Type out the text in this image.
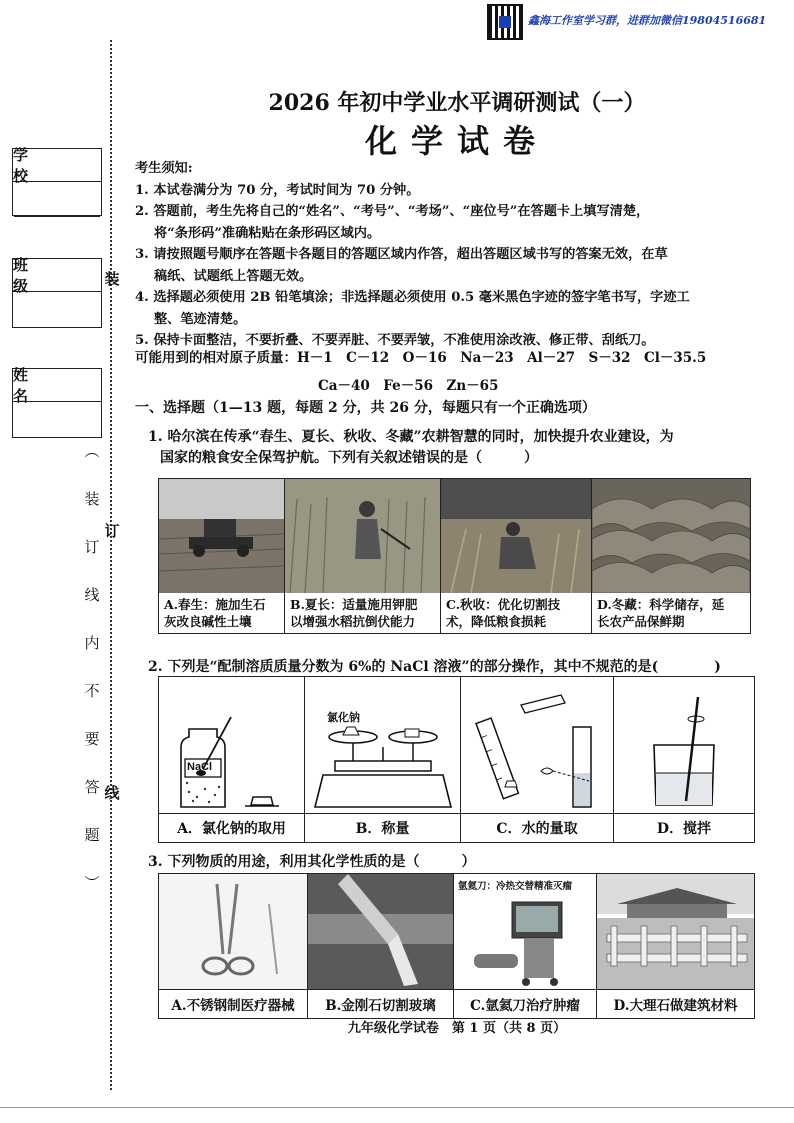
鑫海工作室学习群，进群加微信19804516681
学 校
班 级
姓 名
装
订
线
︵
装
订
线
内
不
要
答
题
︶
2026 年初中学业水平调研测试（一）
化学试卷

考生须知:

1. 本试卷满分为 70 分，考试时间为 70 分钟。

2. 答题前，考生先将自己的“姓名”、“考号”、“考场”、“座位号”在答题卡上填写清楚，

将“条形码”准确粘贴在条形码区域内。

3. 请按照题号顺序在答题卡各题目的答题区域内作答，超出答题区域书写的答案无效，在草

稿纸、试题纸上答题无效。

4. 选择题必须使用 2B 铅笔填涂；非选择题必须使用 0.5 毫米黑色字迹的签字笔书写，字迹工

整、笔迹清楚。

5. 保持卡面整洁，不要折叠、不要弄脏、不要弄皱，不准使用涂改液、修正带、刮纸刀。

可能用到的相对原子质量：H－1　C－12　O－16　Na－23　Al－27　S－32　Cl－35.5
Ca－40　Fe－56　Zn－65
一、选择题（1—13 题，每题 2 分，共 26 分，每题只有一个正确选项）
1. 哈尔滨在传承“春生、夏长、秋收、冬藏”农耕智慧的同时，加快提升农业建设，为
国家的粮食安全保驾护航。下列有关叙述错误的是（　　　）
A.春生：施加生石
灰改良碱性土壤

B.夏长：适量施用钾肥
以增强水稻抗倒伏能力

C.秋收：优化切割技
术，降低粮食损耗

D.冬藏：科学储存，延
长农产品保鲜期
2. 下列是“配制溶质质量分数为 6%的 NaCl 溶液”的部分操作，其中不规范的是(　　　　)
NaCl
A．氯化钠的取用

氯化钠
B．称量	C．水的量取	D．搅拌
3. 下列物质的用途，利用其化学性质的是（　　　）
A.不锈钢制医疗器械	B.金刚石切割玻璃

氩氦刀：冷热交替精准灭瘤
C.氩氦刀治疗肿瘤	D.大理石做建筑材料
九年级化学试卷　第 1 页（共 8 页）
